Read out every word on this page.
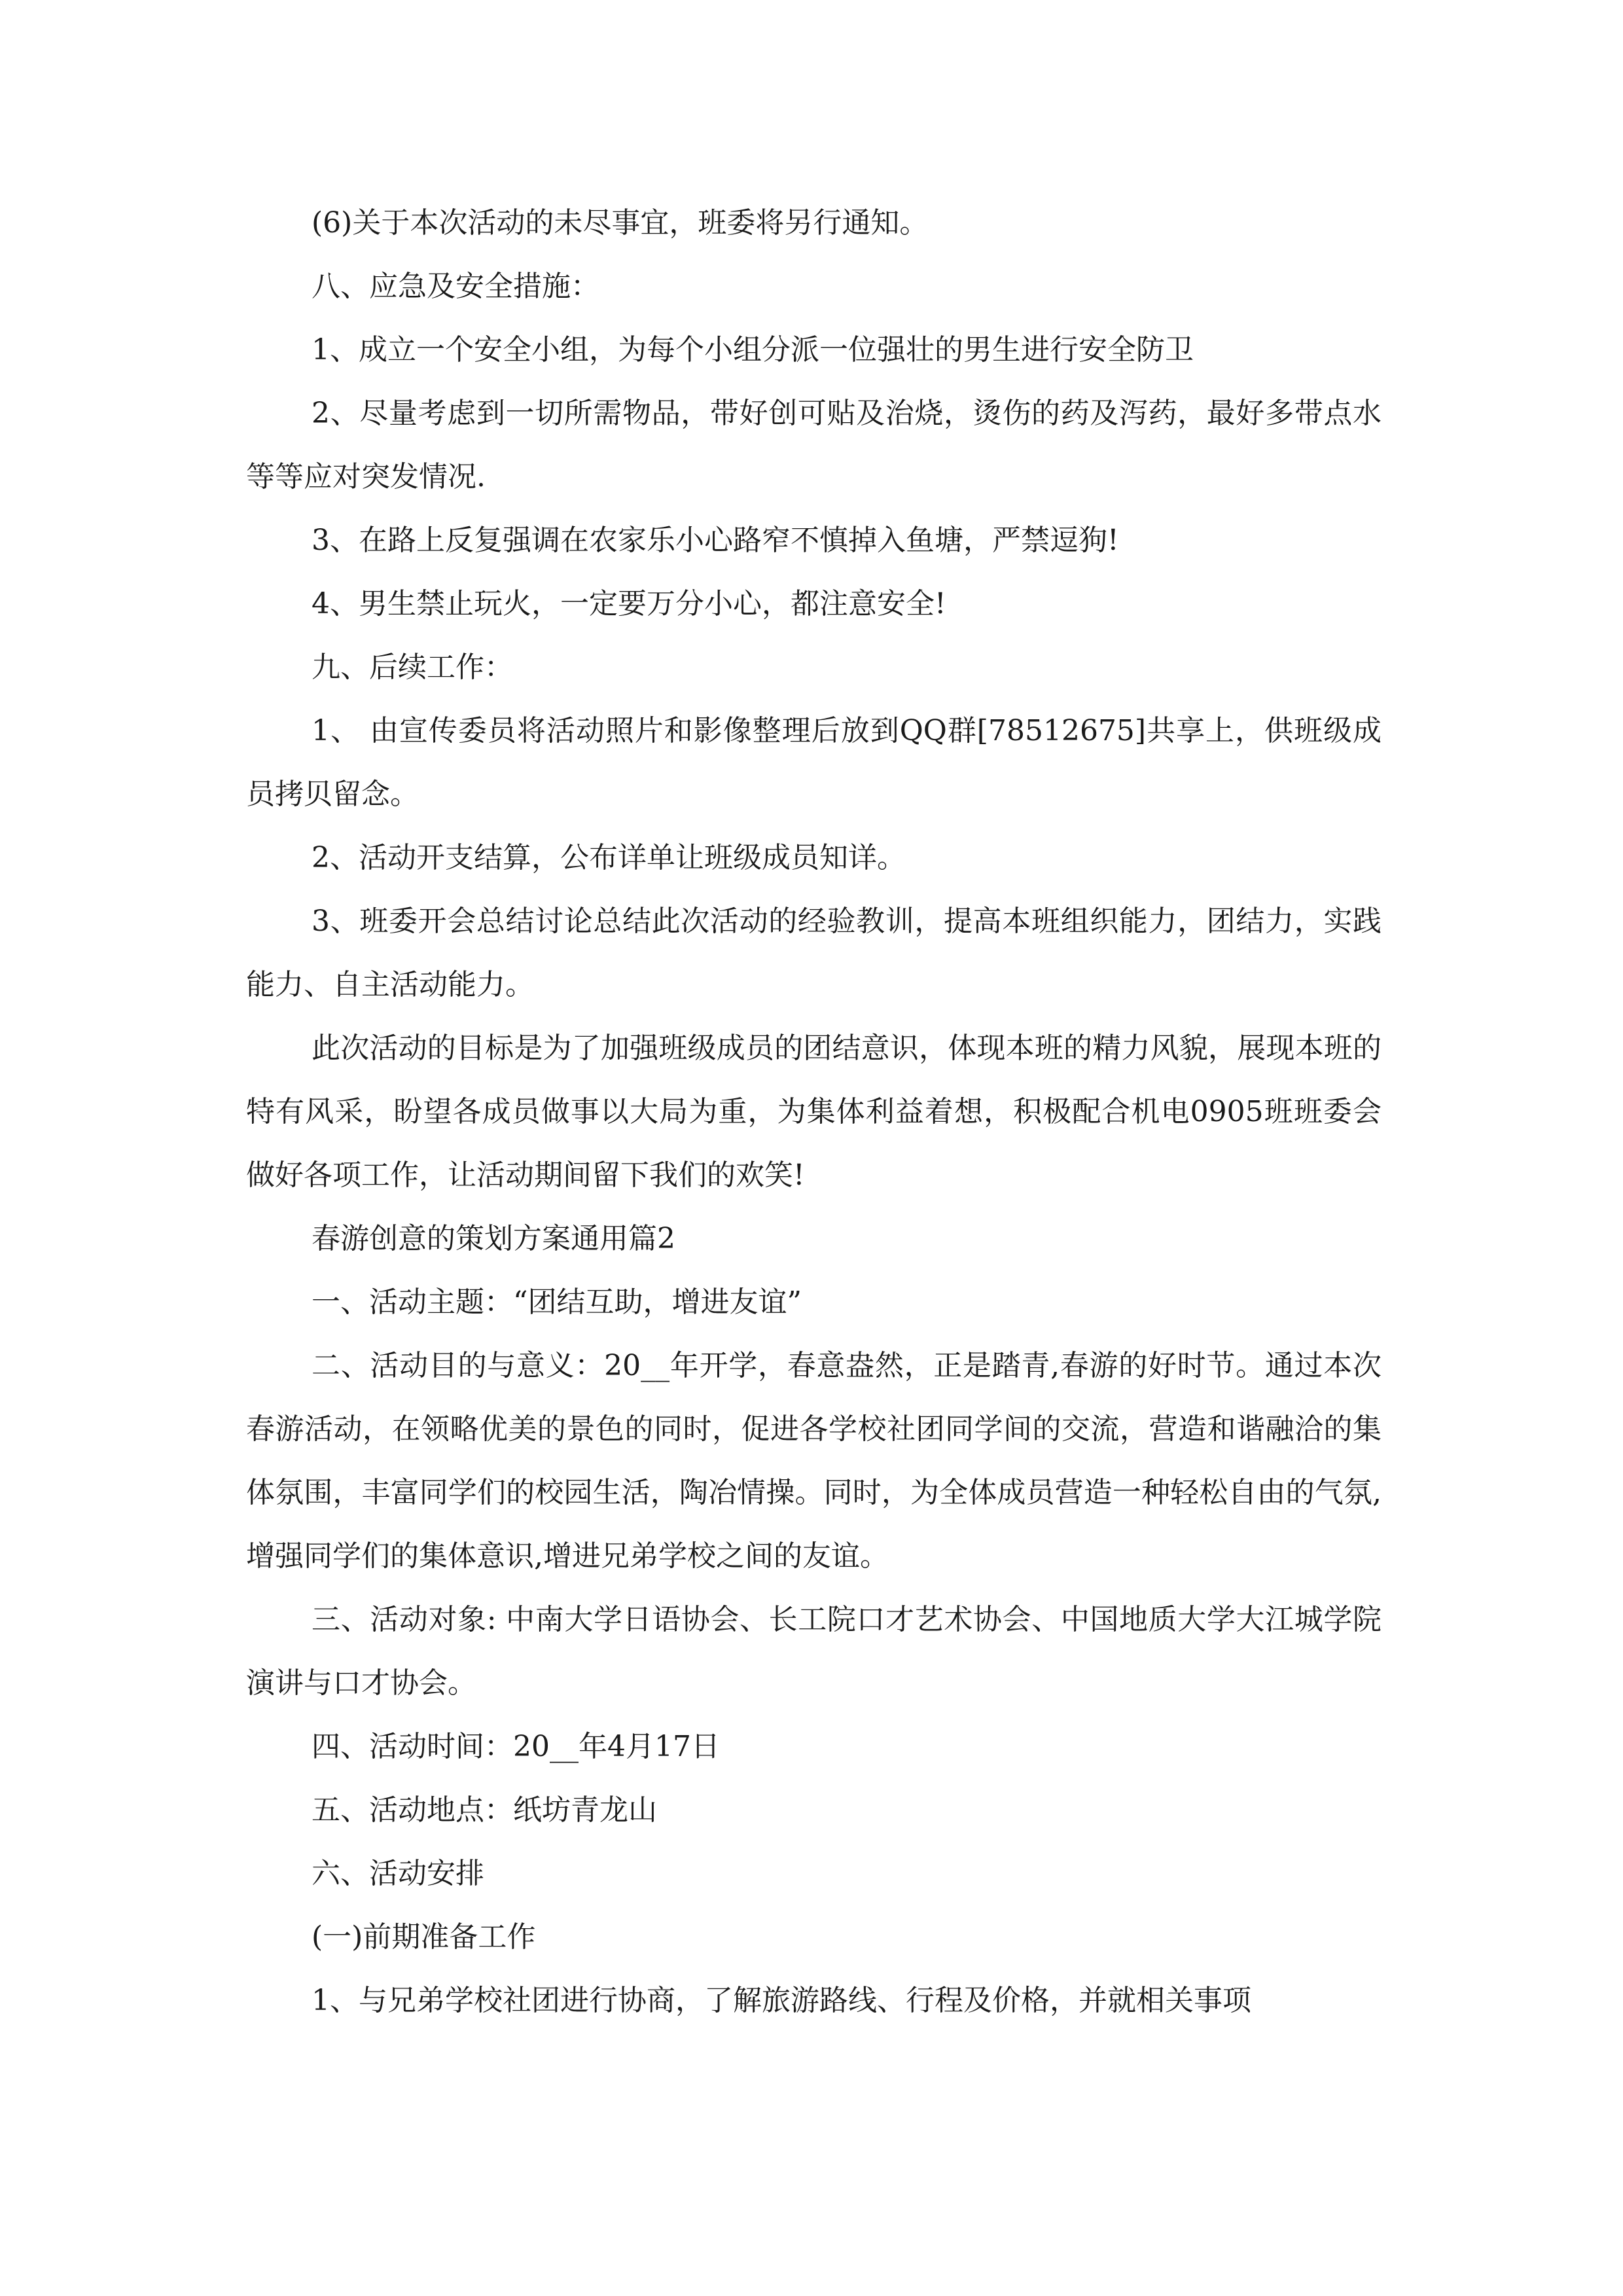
(6)关于本次活动的未尽事宜，班委将另行通知。

八、应急及安全措施：

1、成立一个安全小组，为每个小组分派一位强壮的男生进行安全防卫

2、尽量考虑到一切所需物品，带好创可贴及治烧，烫伤的药及泻药，最好多带点水等等应对突发情况.

3、在路上反复强调在农家乐小心路窄不慎掉入鱼塘，严禁逗狗!

4、男生禁止玩火，一定要万分小心，都注意安全!

九、后续工作：

1、 由宣传委员将活动照片和影像整理后放到QQ群[78512675]共享上，供班级成员拷贝留念。

2、活动开支结算，公布详单让班级成员知详。

3、班委开会总结讨论总结此次活动的经验教训，提高本班组织能力，团结力，实践能力、自主活动能力。

此次活动的目标是为了加强班级成员的团结意识，体现本班的精力风貌，展现本班的特有风采，盼望各成员做事以大局为重，为集体利益着想，积极配合机电0905班班委会做好各项工作，让活动期间留下我们的欢笑!

春游创意的策划方案通用篇2

一、活动主题：“团结互助，增进友谊”

二、活动目的与意义：20__年开学，春意盎然，正是踏青,春游的好时节。通过本次春游活动，在领略优美的景色的同时，促进各学校社团同学间的交流，营造和谐融洽的集体氛围，丰富同学们的校园生活，陶冶情操。同时，为全体成员营造一种轻松自由的气氛,增强同学们的集体意识,增进兄弟学校之间的友谊。

三、活动对象: 中南大学日语协会、长工院口才艺术协会、中国地质大学大江城学院演讲与口才协会。

四、活动时间：20__年4月17日

五、活动地点：纸坊青龙山

六、活动安排

(一)前期准备工作

1、与兄弟学校社团进行协商，了解旅游路线、行程及价格，并就相关事项
